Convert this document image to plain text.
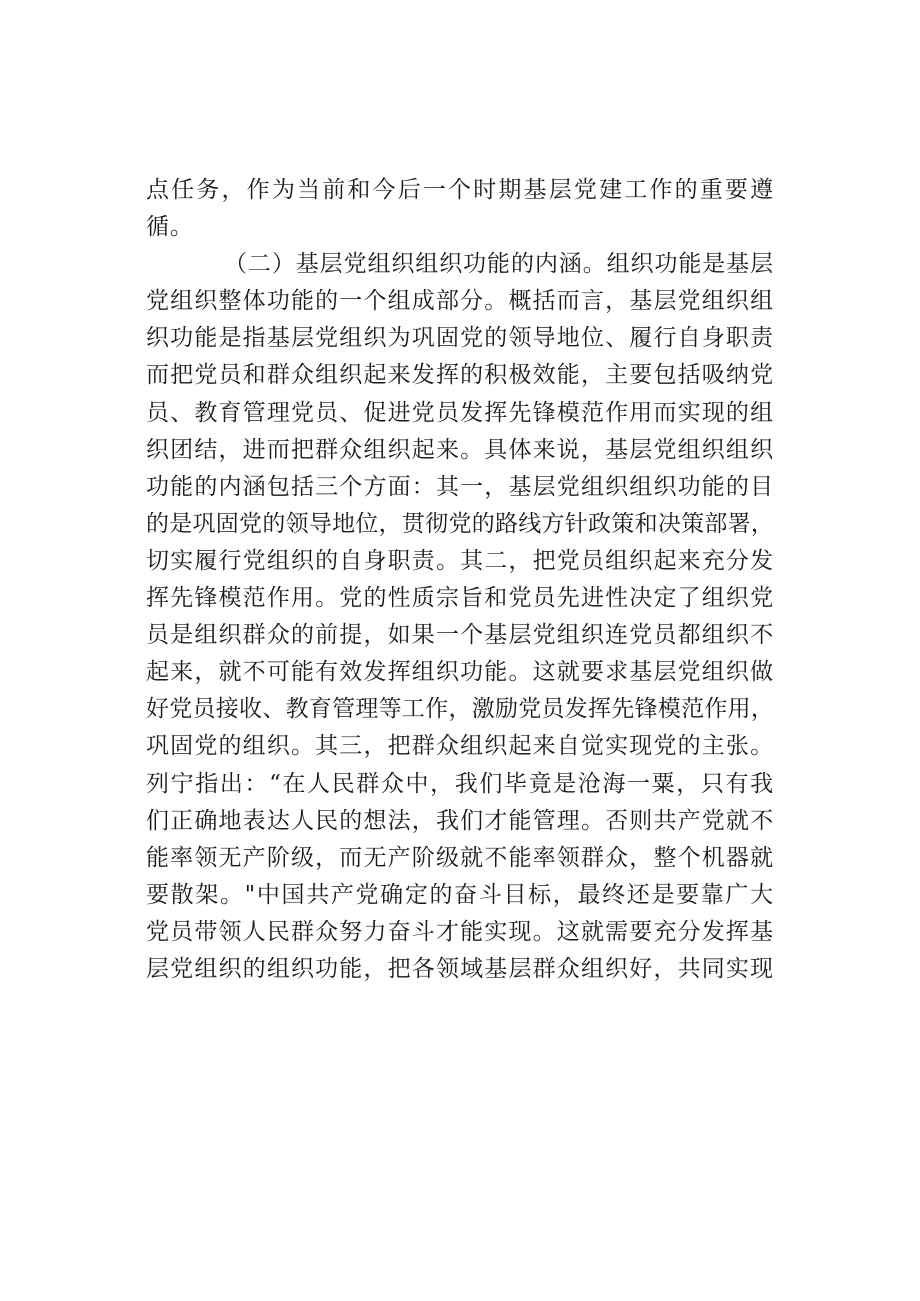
点任务，作为当前和今后一个时期基层党建工作的重要遵
循。
（二）基层党组织组织功能的内涵。组织功能是基层
党组织整体功能的一个组成部分。概括而言，基层党组织组
织功能是指基层党组织为巩固党的领导地位、履行自身职责
而把党员和群众组织起来发挥的积极效能，主要包括吸纳党
员、教育管理党员、促进党员发挥先锋模范作用而实现的组
织团结，进而把群众组织起来。具体来说，基层党组织组织
功能的内涵包括三个方面：其一，基层党组织组织功能的目
的是巩固党的领导地位，贯彻党的路线方针政策和决策部署，
切实履行党组织的自身职责。其二，把党员组织起来充分发
挥先锋模范作用。党的性质宗旨和党员先进性决定了组织党
员是组织群众的前提，如果一个基层党组织连党员都组织不
起来，就不可能有效发挥组织功能。这就要求基层党组织做
好党员接收、教育管理等工作，激励党员发挥先锋模范作用，
巩固党的组织。其三，把群众组织起来自觉实现党的主张。
列宁指出：“在人民群众中，我们毕竟是沧海一粟，只有我
们正确地表达人民的想法，我们才能管理。否则共产党就不
能率领无产阶级，而无产阶级就不能率领群众，整个机器就
要散架。"中国共产党确定的奋斗目标，最终还是要靠广大
党员带领人民群众努力奋斗才能实现。这就需要充分发挥基
层党组织的组织功能，把各领域基层群众组织好，共同实现
